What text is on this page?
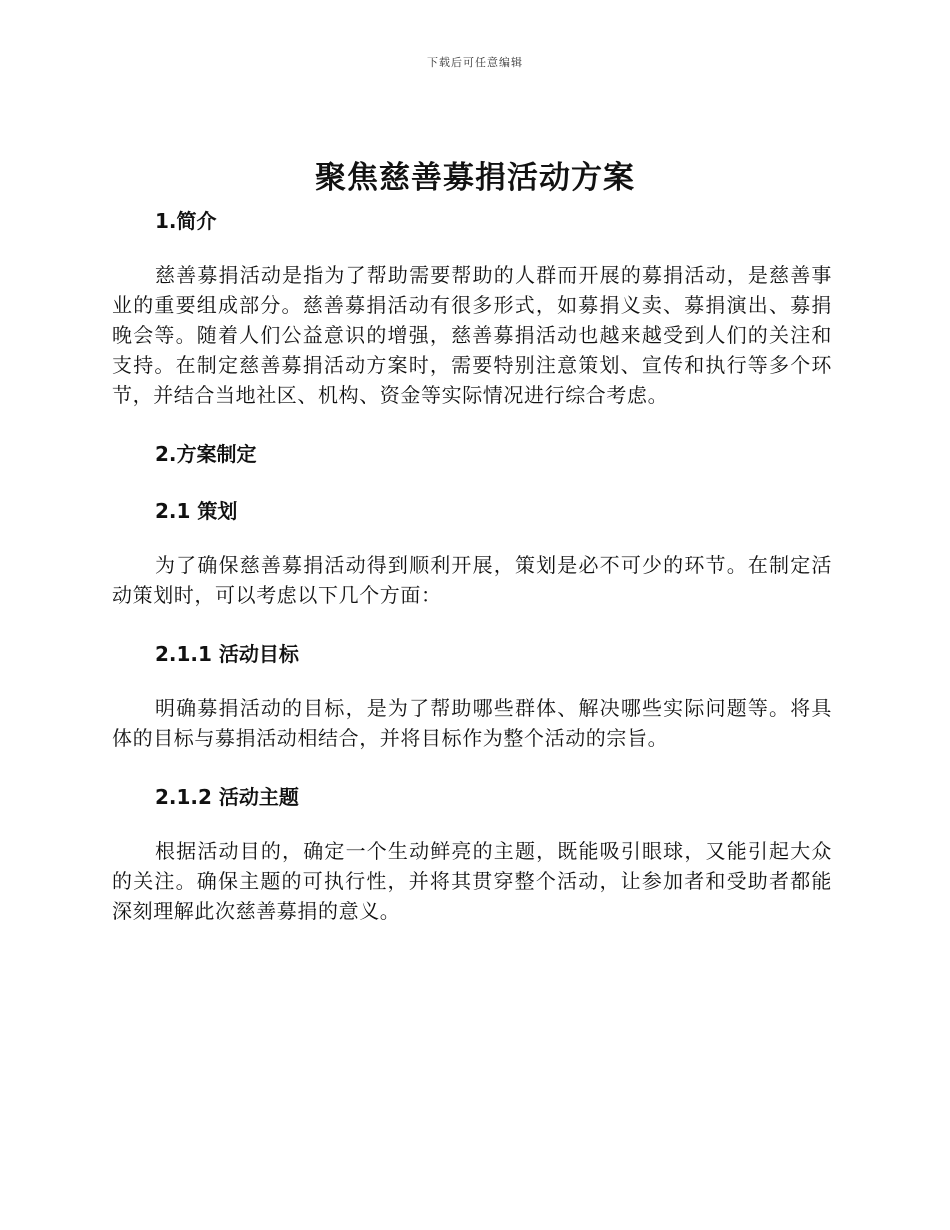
下载后可任意编辑
聚焦慈善募捐活动方案
1.简介

慈善募捐活动是指为了帮助需要帮助的人群而开展的募捐活动，是慈善事业的重要组成部分。慈善募捐活动有很多形式，如募捐义卖、募捐演出、募捐晚会等。随着人们公益意识的增强，慈善募捐活动也越来越受到人们的关注和支持。在制定慈善募捐活动方案时，需要特别注意策划、宣传和执行等多个环节，并结合当地社区、机构、资金等实际情况进行综合考虑。

2.方案制定
2.1 策划

为了确保慈善募捐活动得到顺利开展，策划是必不可少的环节。在制定活动策划时，可以考虑以下几个方面：

2.1.1 活动目标

明确募捐活动的目标，是为了帮助哪些群体、解决哪些实际问题等。将具体的目标与募捐活动相结合，并将目标作为整个活动的宗旨。

2.1.2 活动主题

根据活动目的，确定一个生动鲜亮的主题，既能吸引眼球，又能引起大众的关注。确保主题的可执行性，并将其贯穿整个活动，让参加者和受助者都能深刻理解此次慈善募捐的意义。
